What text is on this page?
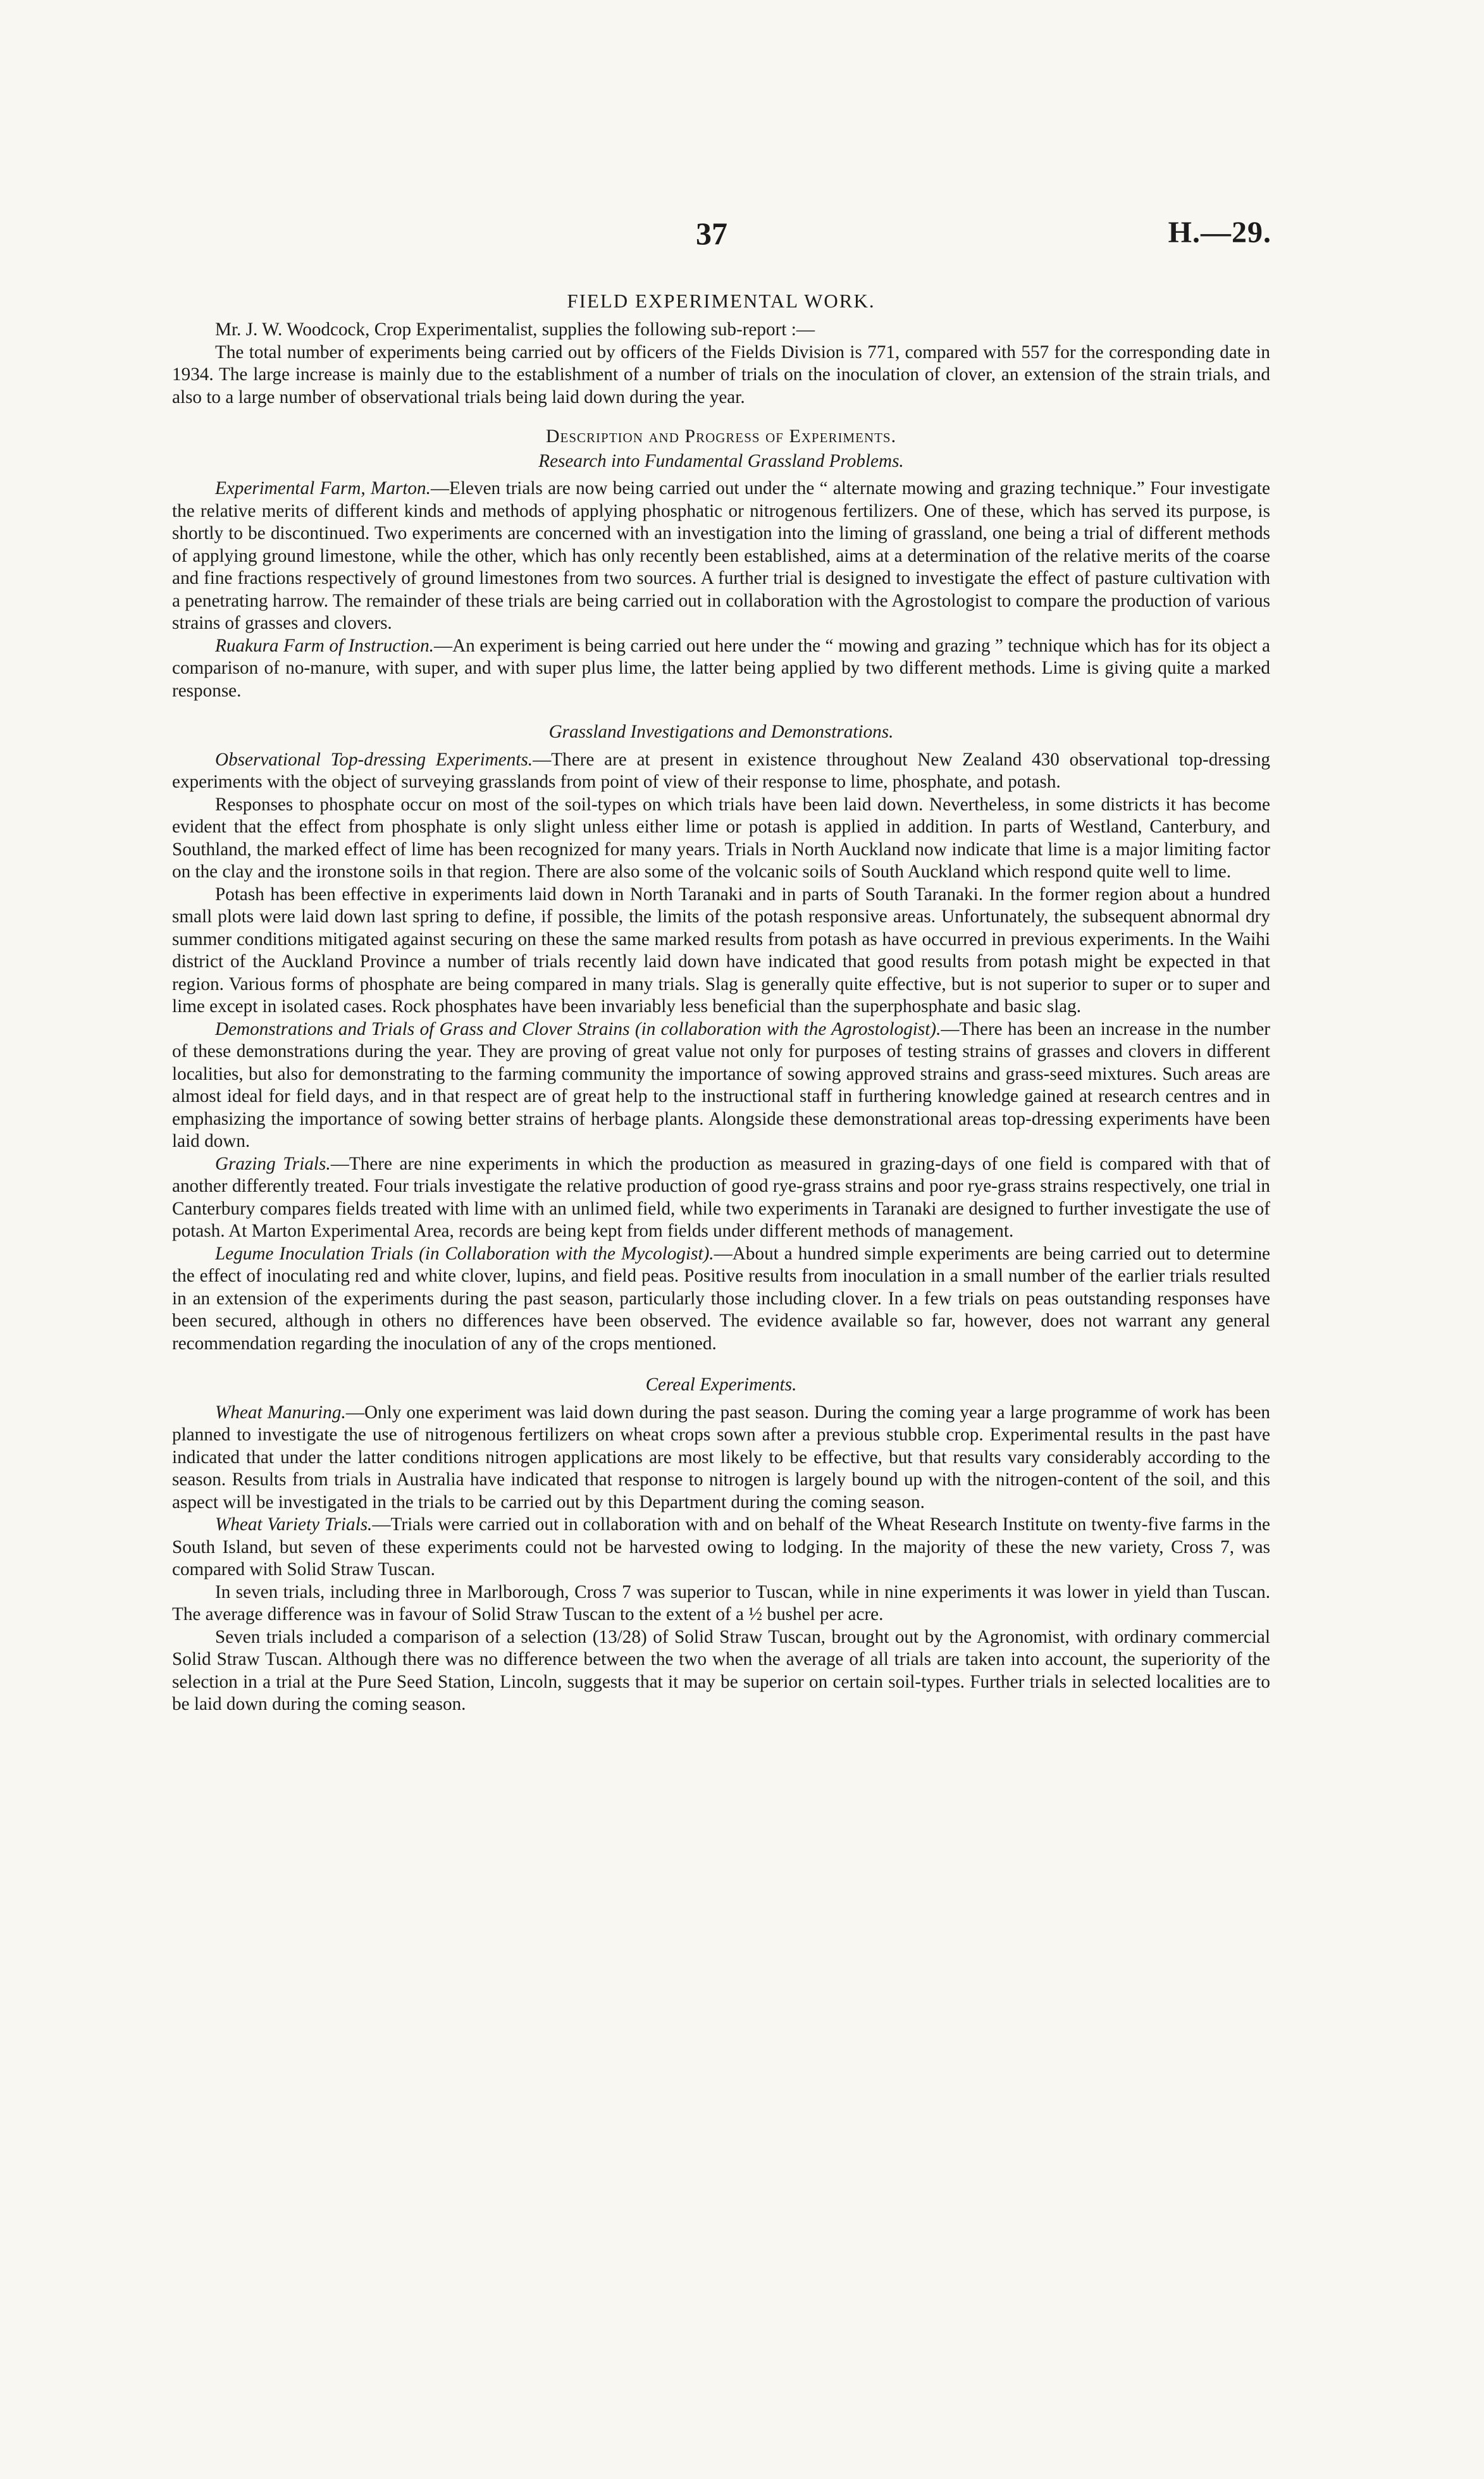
37	H.—29.
FIELD EXPERIMENTAL WORK.

Mr. J. W. Woodcock, Crop Experimentalist, supplies the following sub-report :—

The total number of experiments being carried out by officers of the Fields Division is 771, compared with 557 for the corresponding date in 1934. The large increase is mainly due to the establishment of a number of trials on the inoculation of clover, an extension of the strain trials, and also to a large number of observational trials being laid down during the year.

Description and Progress of Experiments.
Research into Fundamental Grassland Problems.

Experimental Farm, Marton.—Eleven trials are now being carried out under the “ alternate mowing and grazing technique.” Four investigate the relative merits of different kinds and methods of applying phosphatic or nitrogenous fertilizers. One of these, which has served its purpose, is shortly to be discontinued. Two experiments are concerned with an investigation into the liming of grassland, one being a trial of different methods of applying ground limestone, while the other, which has only recently been established, aims at a determination of the relative merits of the coarse and fine fractions respectively of ground limestones from two sources. A further trial is designed to investigate the effect of pasture cultivation with a penetrating harrow. The remainder of these trials are being carried out in collaboration with the Agrostologist to compare the production of various strains of grasses and clovers.

Ruakura Farm of Instruction.—An experiment is being carried out here under the “ mowing and grazing ” technique which has for its object a comparison of no-manure, with super, and with super plus lime, the latter being applied by two different methods. Lime is giving quite a marked response.

Grassland Investigations and Demonstrations.

Observational Top-dressing Experiments.—There are at present in existence throughout New Zealand 430 observational top-dressing experiments with the object of surveying grasslands from point of view of their response to lime, phosphate, and potash.

Responses to phosphate occur on most of the soil-types on which trials have been laid down. Nevertheless, in some districts it has become evident that the effect from phosphate is only slight unless either lime or potash is applied in addition. In parts of Westland, Canterbury, and Southland, the marked effect of lime has been recognized for many years. Trials in North Auckland now indicate that lime is a major limiting factor on the clay and the ironstone soils in that region. There are also some of the volcanic soils of South Auckland which respond quite well to lime.

Potash has been effective in experiments laid down in North Taranaki and in parts of South Taranaki. In the former region about a hundred small plots were laid down last spring to define, if possible, the limits of the potash responsive areas. Unfortunately, the subsequent abnormal dry summer conditions mitigated against securing on these the same marked results from potash as have occurred in previous experiments. In the Waihi district of the Auckland Province a number of trials recently laid down have indicated that good results from potash might be expected in that region. Various forms of phosphate are being compared in many trials. Slag is generally quite effective, but is not superior to super or to super and lime except in isolated cases. Rock phosphates have been invariably less beneficial than the superphosphate and basic slag.

Demonstrations and Trials of Grass and Clover Strains (in collaboration with the Agrostologist).—There has been an increase in the number of these demonstrations during the year. They are proving of great value not only for purposes of testing strains of grasses and clovers in different localities, but also for demonstrating to the farming community the importance of sowing approved strains and grass-seed mixtures. Such areas are almost ideal for field days, and in that respect are of great help to the instructional staff in furthering knowledge gained at research centres and in emphasizing the importance of sowing better strains of herbage plants. Alongside these demonstrational areas top-dressing experiments have been laid down.

Grazing Trials.—There are nine experiments in which the production as measured in grazing-days of one field is compared with that of another differently treated. Four trials investigate the relative production of good rye-grass strains and poor rye-grass strains respectively, one trial in Canterbury compares fields treated with lime with an unlimed field, while two experiments in Taranaki are designed to further investigate the use of potash. At Marton Experimental Area, records are being kept from fields under different methods of management.

Legume Inoculation Trials (in Collaboration with the Mycologist).—About a hundred simple experiments are being carried out to determine the effect of inoculating red and white clover, lupins, and field peas. Positive results from inoculation in a small number of the earlier trials resulted in an extension of the experiments during the past season, particularly those including clover. In a few trials on peas outstanding responses have been secured, although in others no differences have been observed. The evidence available so far, however, does not warrant any general recommendation regarding the inoculation of any of the crops mentioned.

Cereal Experiments.

Wheat Manuring.—Only one experiment was laid down during the past season. During the coming year a large programme of work has been planned to investigate the use of nitrogenous fertilizers on wheat crops sown after a previous stubble crop. Experimental results in the past have indicated that under the latter conditions nitrogen applications are most likely to be effective, but that results vary considerably according to the season. Results from trials in Australia have indicated that response to nitrogen is largely bound up with the nitrogen-content of the soil, and this aspect will be investigated in the trials to be carried out by this Department during the coming season.

Wheat Variety Trials.—Trials were carried out in collaboration with and on behalf of the Wheat Research Institute on twenty-five farms in the South Island, but seven of these experiments could not be harvested owing to lodging. In the majority of these the new variety, Cross 7, was compared with Solid Straw Tuscan.

In seven trials, including three in Marlborough, Cross 7 was superior to Tuscan, while in nine experiments it was lower in yield than Tuscan. The average difference was in favour of Solid Straw Tuscan to the extent of a ½ bushel per acre.

Seven trials included a comparison of a selection (13/28) of Solid Straw Tuscan, brought out by the Agronomist, with ordinary commercial Solid Straw Tuscan. Although there was no difference between the two when the average of all trials are taken into account, the superiority of the selection in a trial at the Pure Seed Station, Lincoln, suggests that it may be superior on certain soil-types. Further trials in selected localities are to be laid down during the coming season.
